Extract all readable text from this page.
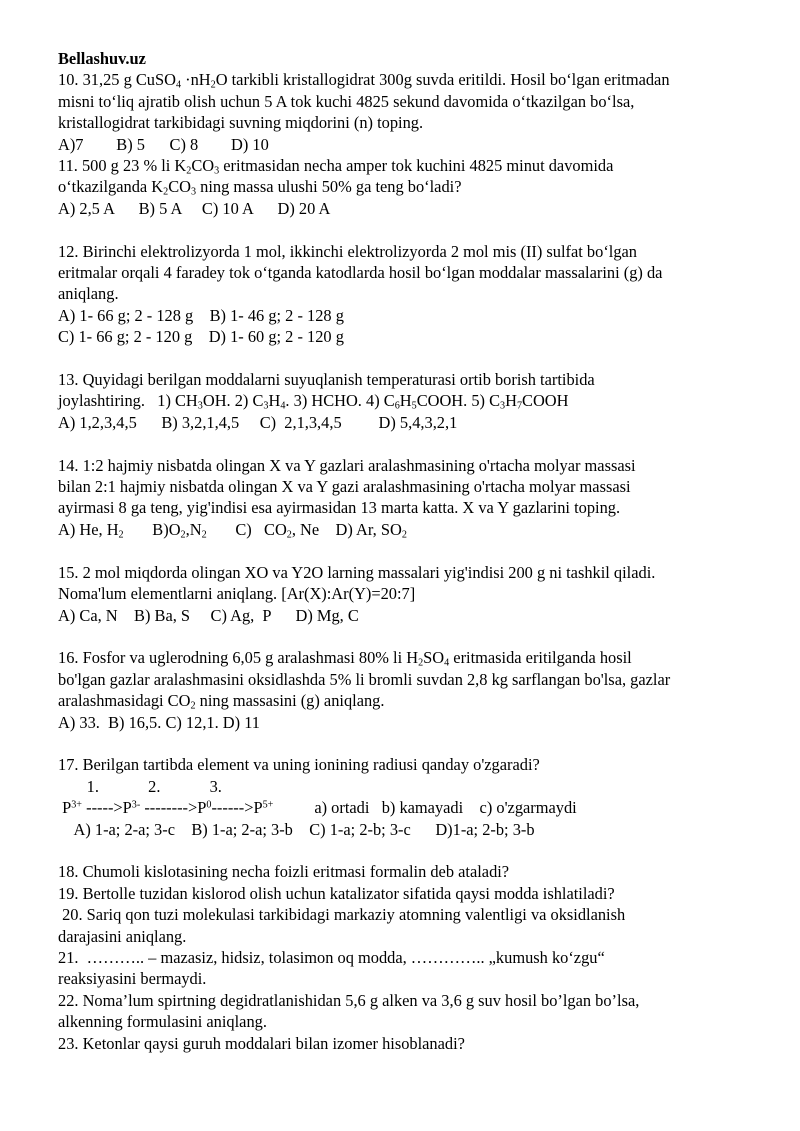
Bellashuv.uz
10. 31,25 g CuSO$_4$ $\cdot nH_2O$ tarkibli kristallogidrat 300g suvda eritildi. Hosil bo‘lgan eritmadan
misni to‘liq ajratib olish uchun 5 A tok kuchi 4825 sekund davomida o‘tkazilgan bo‘lsa,
kristallogidrat tarkibidagi suvning miqdorini (n) toping.
A)7        B) 5      C) 8        D) 10
11. 500 g 23 % li $K_2CO_3$ eritmasidan necha amper tok kuchini 4825 minut davomida
o‘tkazilganda $K_2CO_3$ ning massa ulushi 50% ga teng bo‘ladi?
A) 2,5 A      B) 5 A     C) 10 A      D) 20 A
12. Birinchi elektrolizyorda 1 mol, ikkinchi elektrolizyorda 2 mol mis (II) sulfat bo‘lgan
eritmalar orqali 4 faradey tok o‘tganda katodlarda hosil bo‘lgan moddalar massalarini (g) da
aniqlang.
A) 1- 66 g; 2 - 128 g    B) 1- 46 g; 2 - 128 g
C) 1- 66 g; 2 - 120 g    D) 1- 60 g; 2 - 120 g
13. Quyidagi berilgan moddalarni suyuqlanish temperaturasi ortib borish tartibida
joylashtiring.   1) $CH_3OH$. 2) $C_3H_4$. 3) HCHO. 4) $C_6H_5COOH$. 5) $C_3H_7COOH$
A) 1,2,3,4,5      B) 3,2,1,4,5     C)  2,1,3,4,5         D) 5,4,3,2,1
14. 1:2 hajmiy nisbatda olingan X va Y gazlari aralashmasining o'rtacha molyar massasi
bilan 2:1 hajmiy nisbatda olingan X va Y gazi aralashmasining o'rtacha molyar massasi
ayirmasi 8 ga teng, yig'indisi esa ayirmasidan 13 marta katta. X va Y gazlarini toping.
A) He, $H_2$       $B)O_2,N_2$       C)   $CO_2$, Ne    D) Ar, $SO_2$
15. 2 mol miqdorda olingan XO va Y2O larning massalari yig'indisi 200 g ni tashkil qiladi.
Noma'lum elementlarni aniqlang. [Ar(X):Ar(Y)=20:7]
A) Ca, N    B) Ba, S     C) Ag,  P      D) Mg, C
16. Fosfor va uglerodning 6,05 g aralashmasi 80% li $H_2SO_4$ eritmasida eritilganda hosil
bo'lgan gazlar aralashmasini oksidlashda 5% li bromli suvdan 2,8 kg sarflangan bo'lsa, gazlar
aralashmasidagi $CO_2$ ning massasini (g) aniqlang.
A) 33.  B) 16,5. C) 12,1. D) 11
17. Berilgan tartibda element va uning ionining radiusi qanday o'zgaradi?
1.            2.            3.
$P^{3+}$ $----->P^{3-}$ $-------->P^0------>P^{5+}$          a) ortadi   b) kamayadi    c) o'zgarmaydi
A) 1-a; 2-a; 3-c    B) 1-a; 2-a; 3-b    C) 1-a; 2-b; 3-c      D)1-a; 2-b; 3-b
18. Chumoli kislotasining necha foizli eritmasi formalin deb ataladi?
19. Bertolle tuzidan kislorod olish uchun katalizator sifatida qaysi modda ishlatiladi?
20. Sariq qon tuzi molekulasi tarkibidagi markaziy atomning valentligi va oksidlanish
darajasini aniqlang.
21.  ……….. – mazasiz, hidsiz, tolasimon oq modda, ………….. „kumush ko‘zgu“
reaksiyasini bermaydi.
22. Noma’lum spirtning degidratlanishidan 5,6 g alken va 3,6 g suv hosil bo’lgan bo’lsa,
alkenning formulasini aniqlang.
23. Ketonlar qaysi guruh moddalari bilan izomer hisoblanadi?
